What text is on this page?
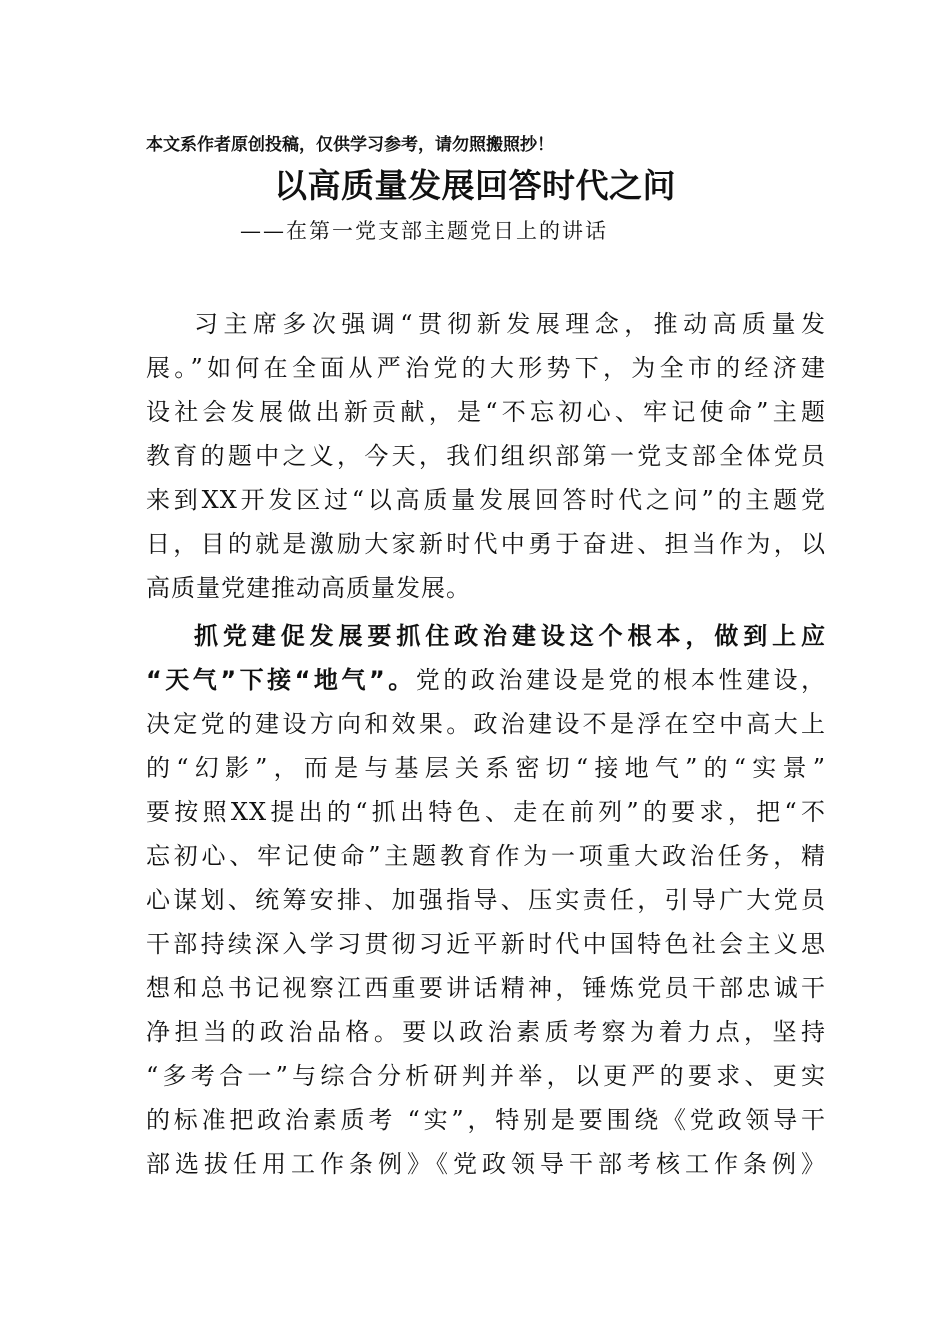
本文系作者原创投稿，仅供学习参考，请勿照搬照抄！
以高质量发展回答时代之问
——在第一党支部主题党日上的讲话
习主席多次强调“贯彻新发展理念，推动高质量发
展。”如何在全面从严治党的大形势下，为全市的经济建
设社会发展做出新贡献，是“不忘初心、牢记使命”主题
教育的题中之义，今天，我们组织部第一党支部全体党员
来到XX开发区过“以高质量发展回答时代之问”的主题党
日，目的就是激励大家新时代中勇于奋进、担当作为，以
高质量党建推动高质量发展。
抓党建促发展要抓住政治建设这个根本，做到上应
“天气”下接“地气”。党的政治建设是党的根本性建设，
决定党的建设方向和效果。政治建设不是浮在空中高大上
的“幻影”，而是与基层关系密切“接地气”的“实景”
要按照XX提出的“抓出特色、走在前列”的要求，把“不
忘初心、牢记使命”主题教育作为一项重大政治任务，精
心谋划、统筹安排、加强指导、压实责任，引导广大党员
干部持续深入学习贯彻习近平新时代中国特色社会主义思
想和总书记视察江西重要讲话精神，锤炼党员干部忠诚干
净担当的政治品格。要以政治素质考察为着力点，坚持
“多考合一”与综合分析研判并举，以更严的要求、更实
的标准把政治素质考 “实”，特别是要围绕《党政领导干
部选拔任用工作条例》《党政领导干部考核工作条例》
